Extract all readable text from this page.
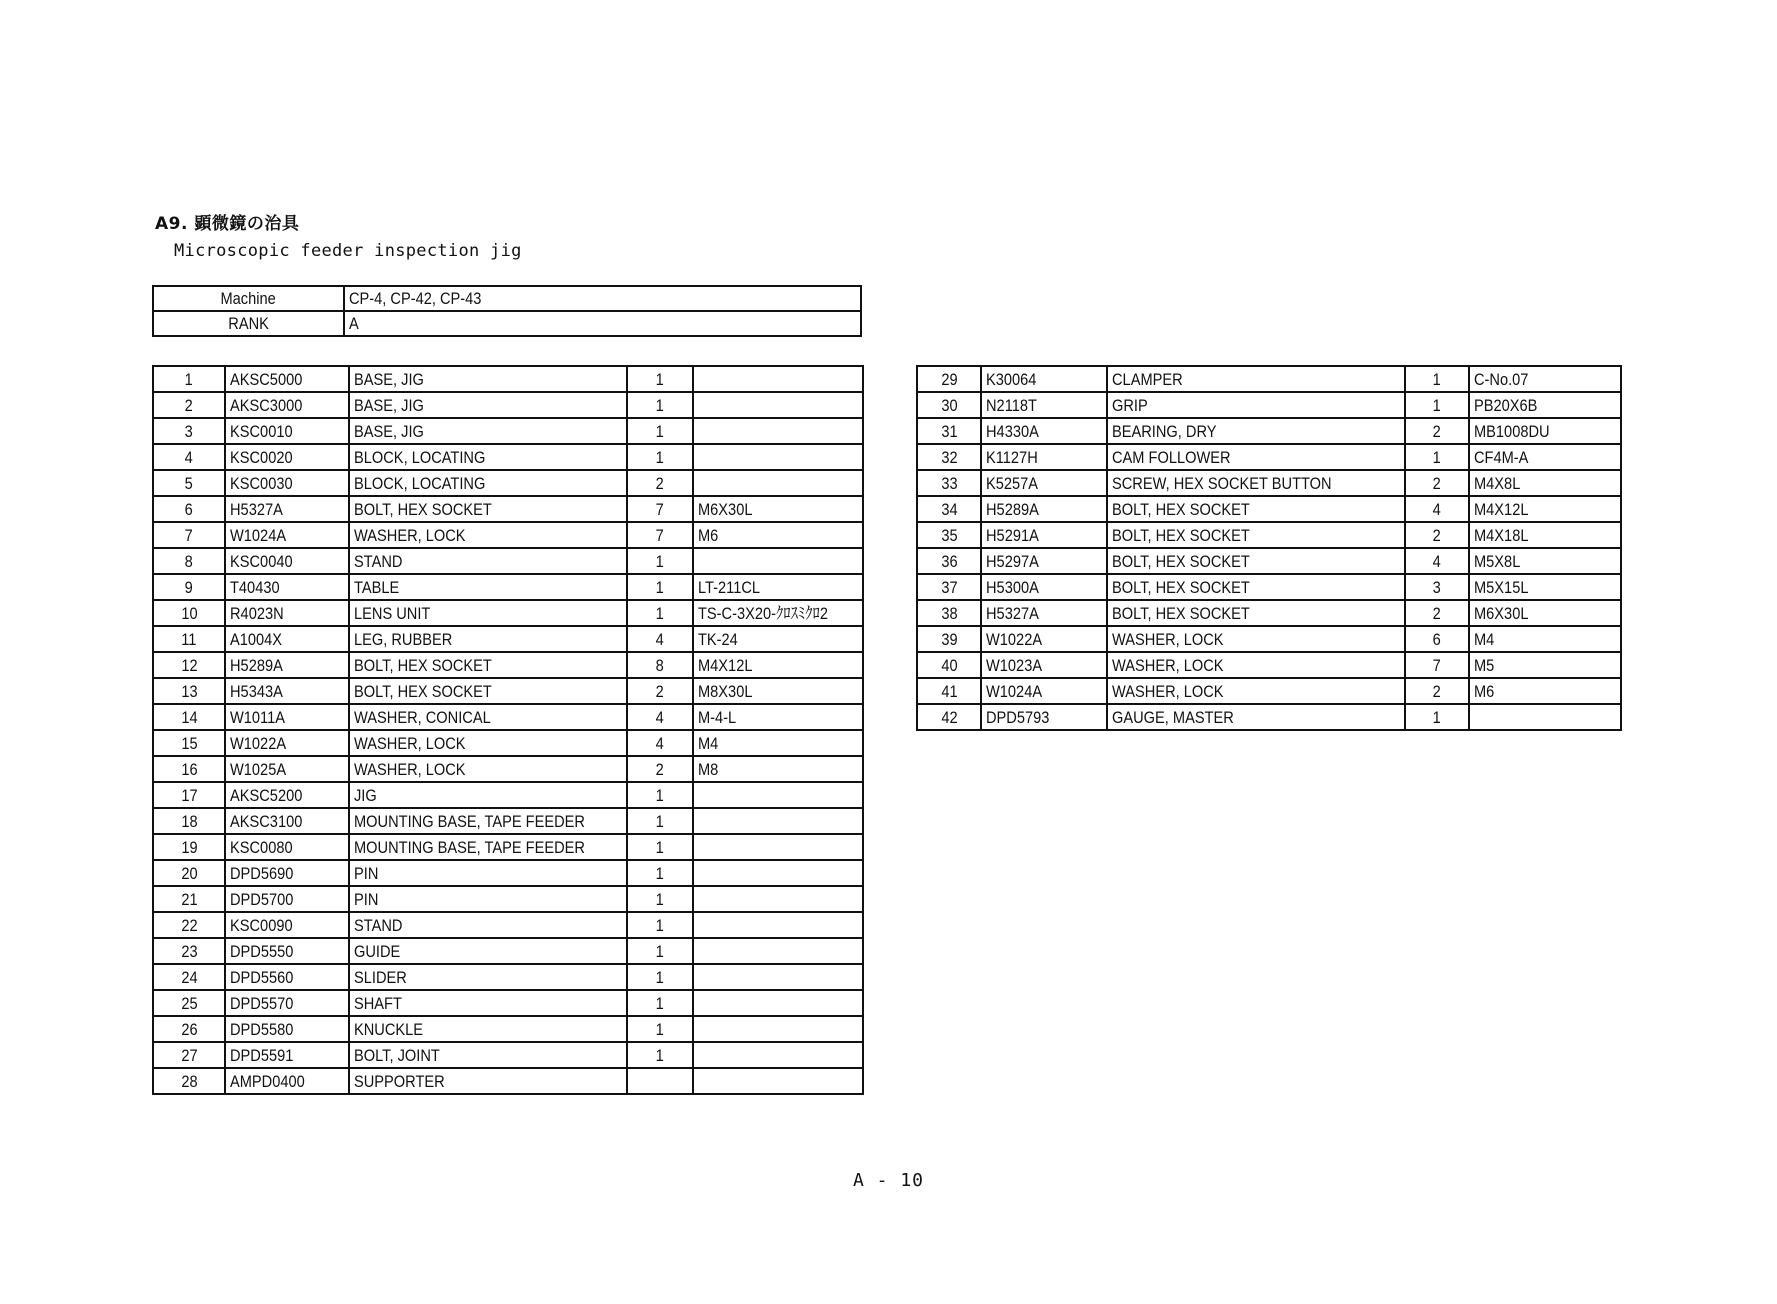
A9. 顕微鏡の治具
Microscopic feeder inspection jig
Machine	CP-4, CP-42, CP-43
RANK	A
1	AKSC5000	BASE, JIG	1	
2	AKSC3000	BASE, JIG	1	
3	KSC0010	BASE, JIG	1	
4	KSC0020	BLOCK, LOCATING	1	
5	KSC0030	BLOCK, LOCATING	2	
6	H5327A	BOLT, HEX SOCKET	7	M6X30L
7	W1024A	WASHER, LOCK	7	M6
8	KSC0040	STAND	1	
9	T40430	TABLE	1	LT-211CL
10	R4023N	LENS UNIT	1	TS-C-3X20-ｸﾛｽﾐｸﾛ2
11	A1004X	LEG, RUBBER	4	TK-24
12	H5289A	BOLT, HEX SOCKET	8	M4X12L
13	H5343A	BOLT, HEX SOCKET	2	M8X30L
14	W1011A	WASHER, CONICAL	4	M-4-L
15	W1022A	WASHER, LOCK	4	M4
16	W1025A	WASHER, LOCK	2	M8
17	AKSC5200	JIG	1	
18	AKSC3100	MOUNTING BASE, TAPE FEEDER	1	
19	KSC0080	MOUNTING BASE, TAPE FEEDER	1	
20	DPD5690	PIN	1	
21	DPD5700	PIN	1	
22	KSC0090	STAND	1	
23	DPD5550	GUIDE	1	
24	DPD5560	SLIDER	1	
25	DPD5570	SHAFT	1	
26	DPD5580	KNUCKLE	1	
27	DPD5591	BOLT, JOINT	1	
28	AMPD0400	SUPPORTER		
29	K30064	CLAMPER	1	C-No.07
30	N2118T	GRIP	1	PB20X6B
31	H4330A	BEARING, DRY	2	MB1008DU
32	K1127H	CAM FOLLOWER	1	CF4M-A
33	K5257A	SCREW, HEX SOCKET BUTTON	2	M4X8L
34	H5289A	BOLT, HEX SOCKET	4	M4X12L
35	H5291A	BOLT, HEX SOCKET	2	M4X18L
36	H5297A	BOLT, HEX SOCKET	4	M5X8L
37	H5300A	BOLT, HEX SOCKET	3	M5X15L
38	H5327A	BOLT, HEX SOCKET	2	M6X30L
39	W1022A	WASHER, LOCK	6	M4
40	W1023A	WASHER, LOCK	7	M5
41	W1024A	WASHER, LOCK	2	M6
42	DPD5793	GAUGE, MASTER	1	
A - 10
